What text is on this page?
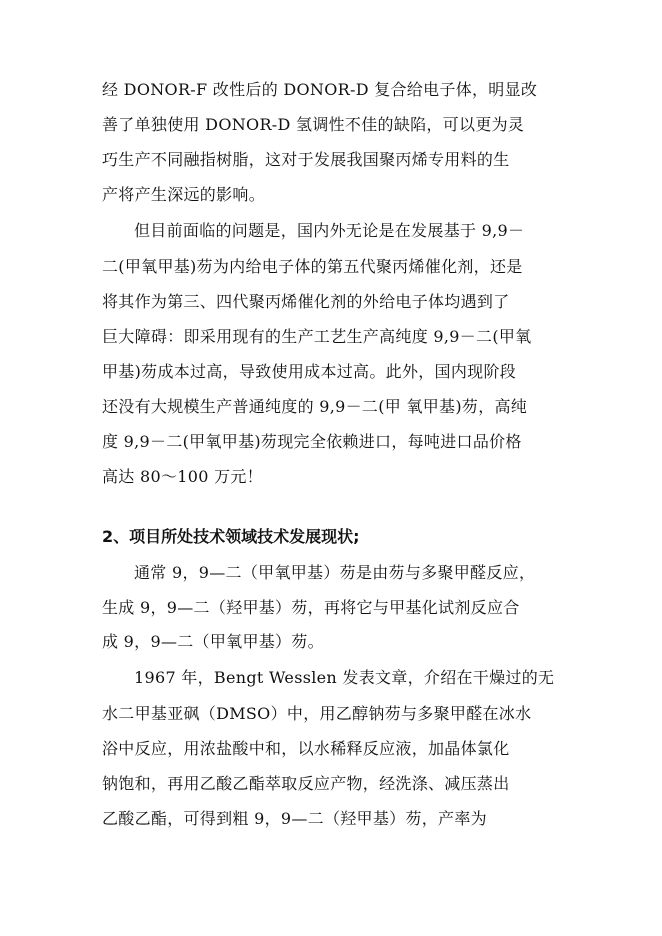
经 DONOR-F 改性后的 DONOR-D 复合给电子体，明显改
善了单独使用 DONOR-D 氢调性不佳的缺陷，可以更为灵
巧生产不同融指树脂，这对于发展我国聚丙烯专用料的生
产将产生深远的影响。
但目前面临的问题是，国内外无论是在发展基于 9,9－
二(甲氧甲基)芴为内给电子体的第五代聚丙烯催化剂，还是
将其作为第三、四代聚丙烯催化剂的外给电子体均遇到了
巨大障碍：即采用现有的生产工艺生产高纯度 9,9－二(甲氧
甲基)芴成本过高，导致使用成本过高。此外，国内现阶段
还没有大规模生产普通纯度的 9,9－二(甲 氧甲基)芴，高纯
度 9,9－二(甲氧甲基)芴现完全依赖进口，每吨进口品价格
高达 80～100 万元！
2、项目所处技术领域技术发展现状;
通常 9，9—二（甲氧甲基）芴是由芴与多聚甲醛反应，
生成 9，9—二（羟甲基）芴，再将它与甲基化试剂反应合
成 9，9—二（甲氧甲基）芴。
1967 年，Bengt Wesslen 发表文章，介绍在干燥过的无
水二甲基亚砜（DMSO）中，用乙醇钠芴与多聚甲醛在冰水
浴中反应，用浓盐酸中和，以水稀释反应液，加晶体氯化
钠饱和，再用乙酸乙酯萃取反应产物，经洗涤、减压蒸出
乙酸乙酯，可得到粗 9，9—二（羟甲基）芴，产率为
